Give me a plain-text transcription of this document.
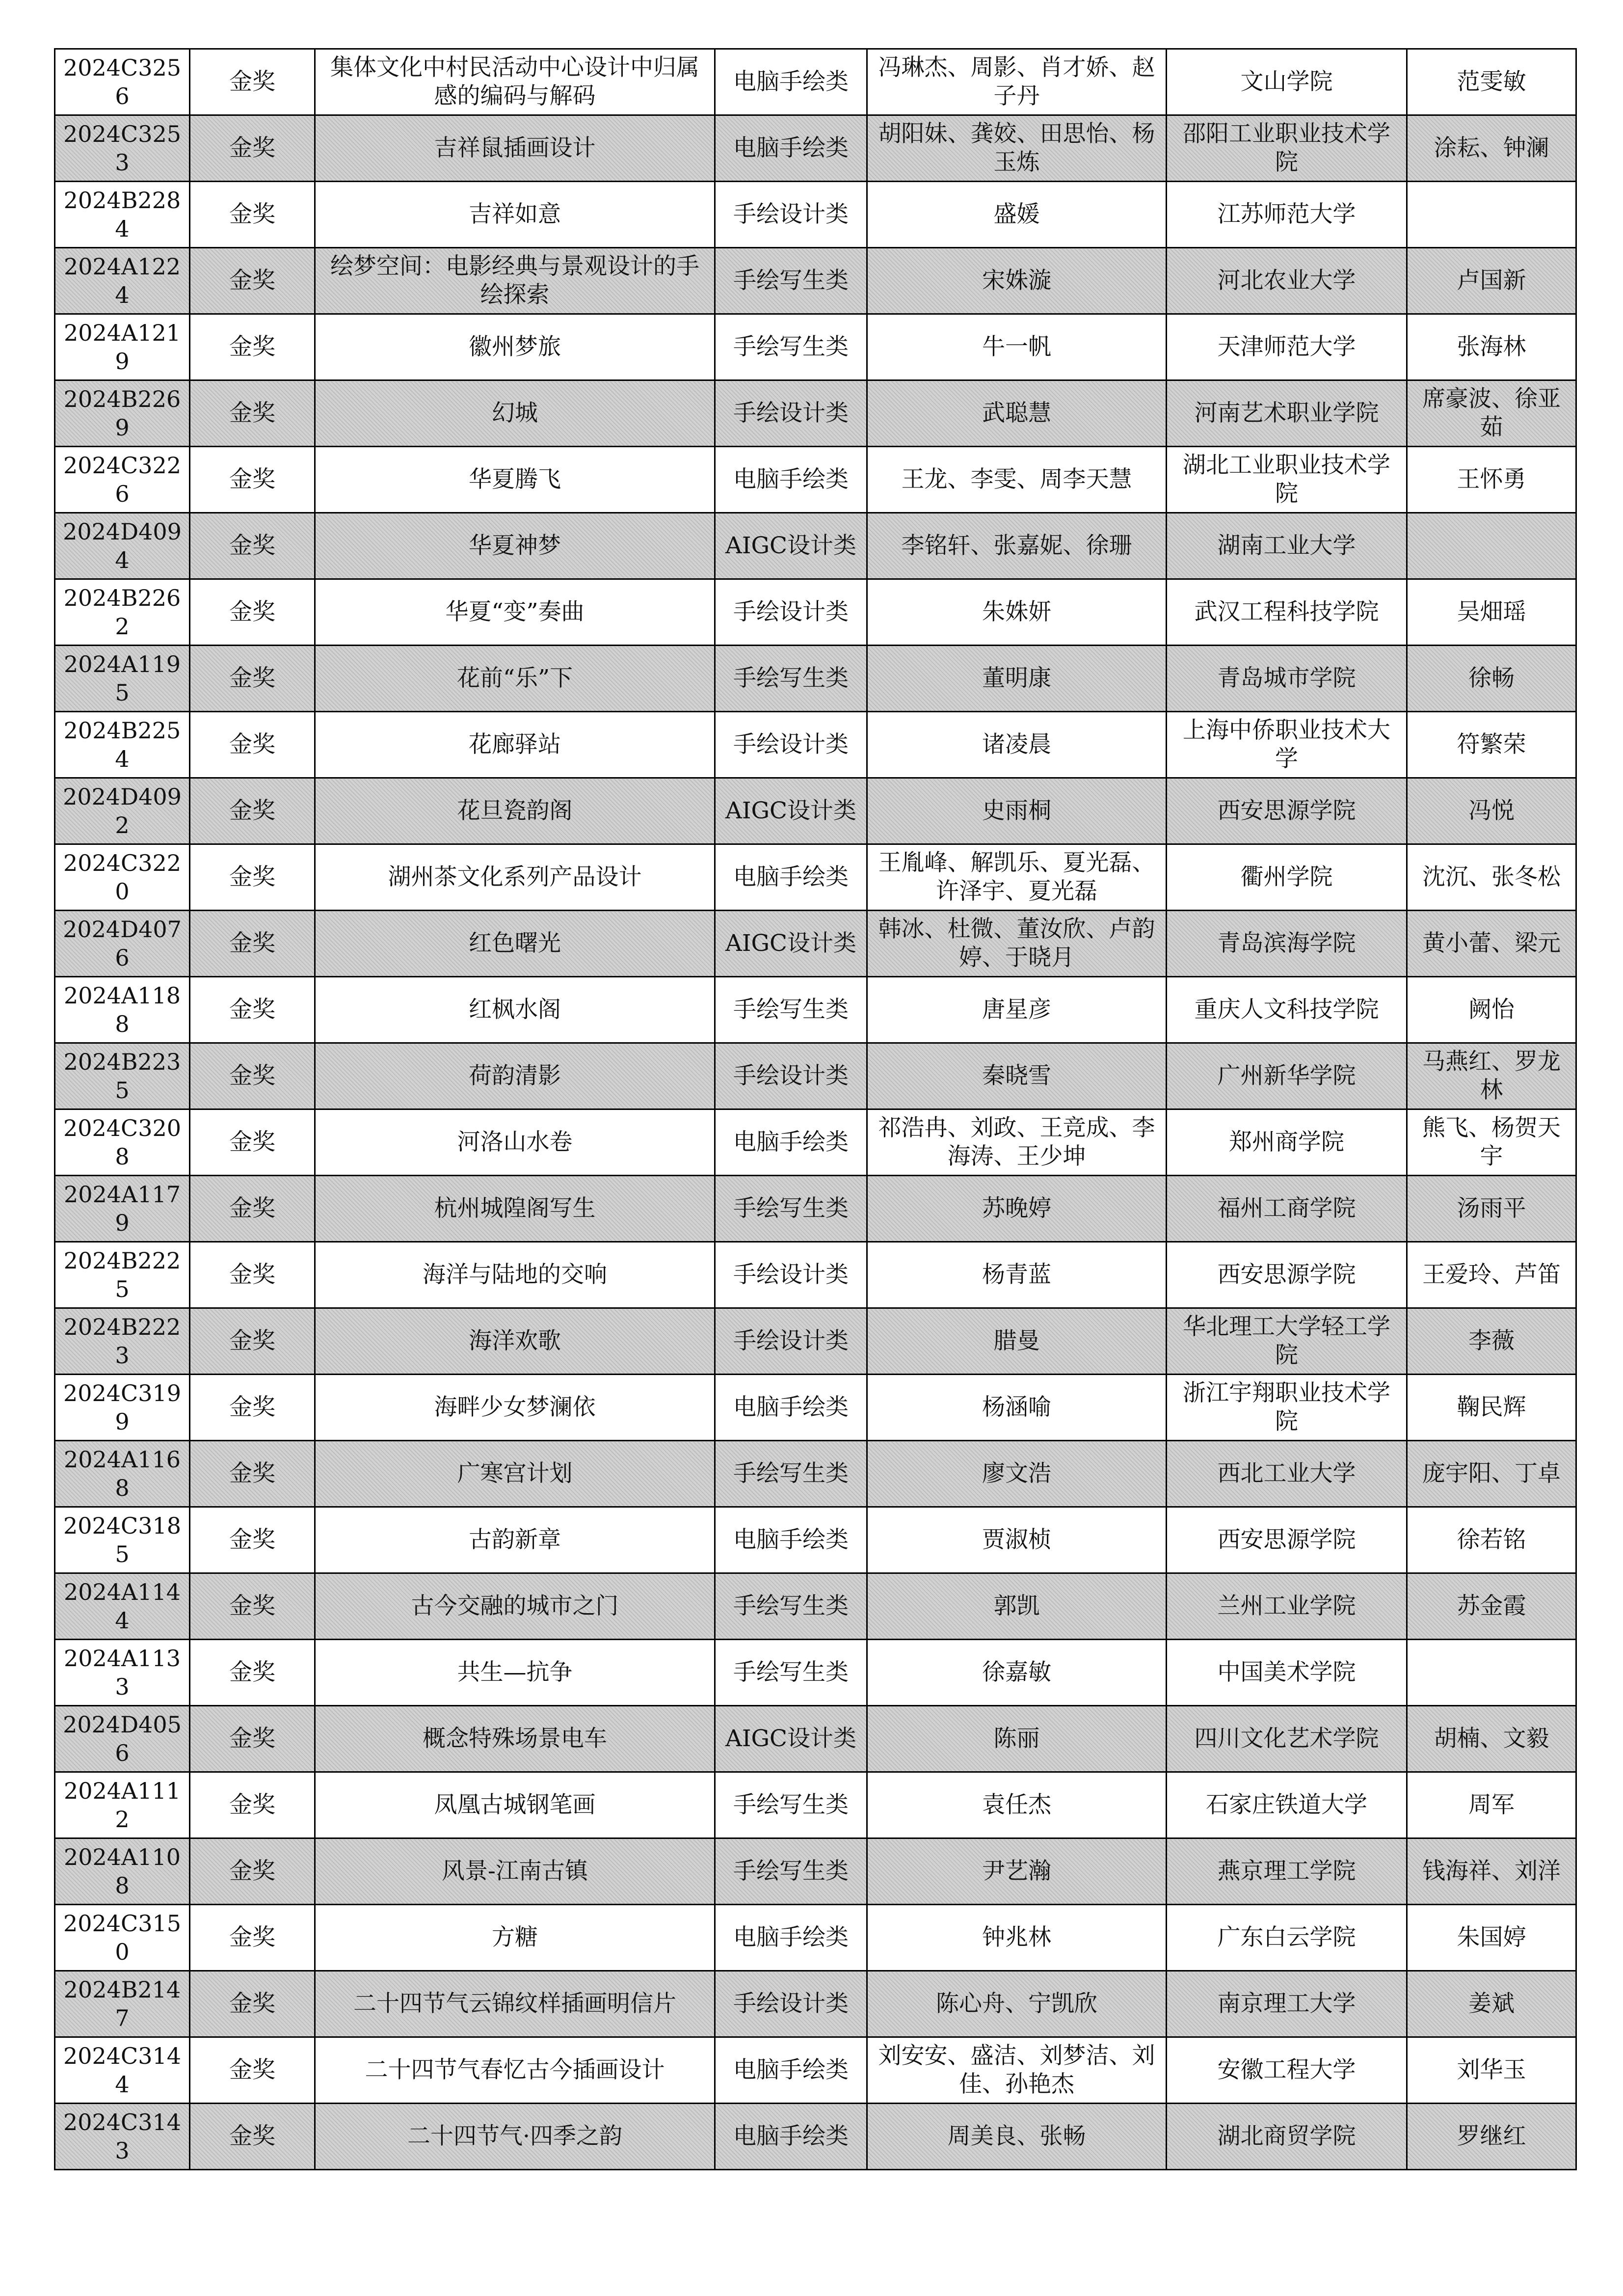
2024C3256	金奖	集体文化中村民活动中心设计中归属感的编码与解码	电脑手绘类	冯琳杰、周影、肖才娇、赵子丹	文山学院	范雯敏
2024C3253	金奖	吉祥鼠插画设计	电脑手绘类	胡阳妹、龚姣、田思怡、杨玉炼	邵阳工业职业技术学院	涂耘、钟澜
2024B2284	金奖	吉祥如意	手绘设计类	盛媛	江苏师范大学	
2024A1224	金奖	绘梦空间：电影经典与景观设计的手绘探索	手绘写生类	宋姝漩	河北农业大学	卢国新
2024A1219	金奖	徽州梦旅	手绘写生类	牛一帆	天津师范大学	张海林
2024B2269	金奖	幻城	手绘设计类	武聪慧	河南艺术职业学院	席豪波、徐亚茹
2024C3226	金奖	华夏腾飞	电脑手绘类	王龙、李雯、周李天慧	湖北工业职业技术学院	王怀勇
2024D4094	金奖	华夏神梦	AIGC设计类	李铭轩、张嘉妮、徐珊	湖南工业大学	
2024B2262	金奖	华夏“变”奏曲	手绘设计类	朱姝妍	武汉工程科技学院	吴畑瑶
2024A1195	金奖	花前“乐”下	手绘写生类	董明康	青岛城市学院	徐畅
2024B2254	金奖	花廊驿站	手绘设计类	诸凌晨	上海中侨职业技术大学	符繁荣
2024D4092	金奖	花旦瓷韵阁	AIGC设计类	史雨桐	西安思源学院	冯悦
2024C3220	金奖	湖州茶文化系列产品设计	电脑手绘类	王胤峰、解凯乐、夏光磊、许泽宇、夏光磊	衢州学院	沈沉、张冬松
2024D4076	金奖	红色曙光	AIGC设计类	韩冰、杜微、董汝欣、卢韵婷、于晓月	青岛滨海学院	黄小蕾、梁元
2024A1188	金奖	红枫水阁	手绘写生类	唐星彦	重庆人文科技学院	阙怡
2024B2235	金奖	荷韵清影	手绘设计类	秦晓雪	广州新华学院	马燕红、罗龙林
2024C3208	金奖	河洛山水卷	电脑手绘类	祁浩冉、刘政、王竞成、李海涛、王少坤	郑州商学院	熊飞、杨贺天宇
2024A1179	金奖	杭州城隍阁写生	手绘写生类	苏晚婷	福州工商学院	汤雨平
2024B2225	金奖	海洋与陆地的交响	手绘设计类	杨青蓝	西安思源学院	王爱玲、芦笛
2024B2223	金奖	海洋欢歌	手绘设计类	腊曼	华北理工大学轻工学院	李薇
2024C3199	金奖	海畔少女梦澜依	电脑手绘类	杨涵喻	浙江宇翔职业技术学院	鞠民辉
2024A1168	金奖	广寒宫计划	手绘写生类	廖文浩	西北工业大学	庞宇阳、丁卓
2024C3185	金奖	古韵新章	电脑手绘类	贾淑桢	西安思源学院	徐若铭
2024A1144	金奖	古今交融的城市之门	手绘写生类	郭凯	兰州工业学院	苏金霞
2024A1133	金奖	共生—抗争	手绘写生类	徐嘉敏	中国美术学院	
2024D4056	金奖	概念特殊场景电车	AIGC设计类	陈丽	四川文化艺术学院	胡楠、文毅
2024A1112	金奖	凤凰古城钢笔画	手绘写生类	袁任杰	石家庄铁道大学	周军
2024A1108	金奖	风景-江南古镇	手绘写生类	尹艺瀚	燕京理工学院	钱海祥、刘洋
2024C3150	金奖	方糖	电脑手绘类	钟兆林	广东白云学院	朱国婷
2024B2147	金奖	二十四节气云锦纹样插画明信片	手绘设计类	陈心舟、宁凯欣	南京理工大学	姜斌
2024C3144	金奖	二十四节气春忆古今插画设计	电脑手绘类	刘安安、盛洁、刘梦洁、刘佳、孙艳杰	安徽工程大学	刘华玉
2024C3143	金奖	二十四节气·四季之韵	电脑手绘类	周美良、张畅	湖北商贸学院	罗继红
